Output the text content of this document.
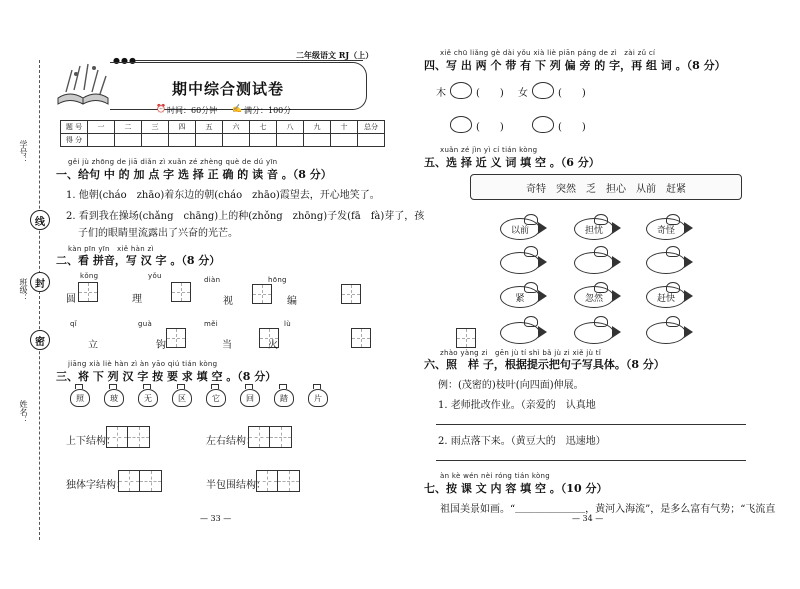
学号：
班级：
姓名：
线
封
密
●●●
二年级语文 RJ（上）
期中综合测试卷
⏰ 时间：60分钟 ✍ 满分：100分
题 号	一	二	三	四	五	六	七	八	九	十	总分
得 分											
gěi jù zhōng de jiā diǎn zì xuǎn zé zhèng què de dú yīn
一、给句 中 的 加 点 字 选 择 正 确 的 读 音 。（8 分）
1. 他朝(cháo　zhāo)着东边的朝(cháo　zhāo)霞望去，开心地笑了。
2. 看到我在操场(chǎng　chāng)上的种(zhǒng　zhōng)子发(fā　fà)芽了，孩
子们的眼睛里流露出了兴奋的光芒。
kàn pīn yīn　xiě hàn zì
二、看 拼音，写 汉 字 。（8 分）
kǒng
圆

yǒu
理

diàn

视
hōng

编
qǐ

立
guà

钩
měi

当
lù
火
jiāng xià liè hàn zì àn yāo qiú tián kòng
三、将 下 列 汉 字 按 要 求 填 空 。（8 分）
照	玻	无	区	它	回	踏	片
上下结构：	左右结构：
独体字结构：	半包围结构：
— 33 —
xiě chū liǎng gè dài yǒu xià liè piān páng de zì　zài zǔ cí
四、写 出 两 个 带 有 下 列 偏 旁 的 字，再 组 词 。（8 分）
木	(　　) 女	(　　)
(　　)	(　　)
xuǎn zé jìn yì cí tián kòng
五、选 择 近 义 词 填 空 。（6 分）
奇特　突然　乏　担心　从前　赶紧
以前	担忧	奇怪
紧	忽然	赶快
zhào yàng zi　gēn jù tí shì bǎ jù zi xiě jù tǐ
六、照　样 子，根据提示把句子写具体。（8 分）
例：(茂密的)枝叶(向四面)伸展。
1. 老师批改作业。（亲爱的　认真地
2. 雨点落下来。（黄豆大的　迅速地）
àn kè wén nèi róng tián kòng
七、按 课 文 内 容 填 空 。（10 分）
祖国美景如画。“＿＿＿＿＿＿＿，黄河入海流”，是多么富有气势；“飞流直
— 34 —
